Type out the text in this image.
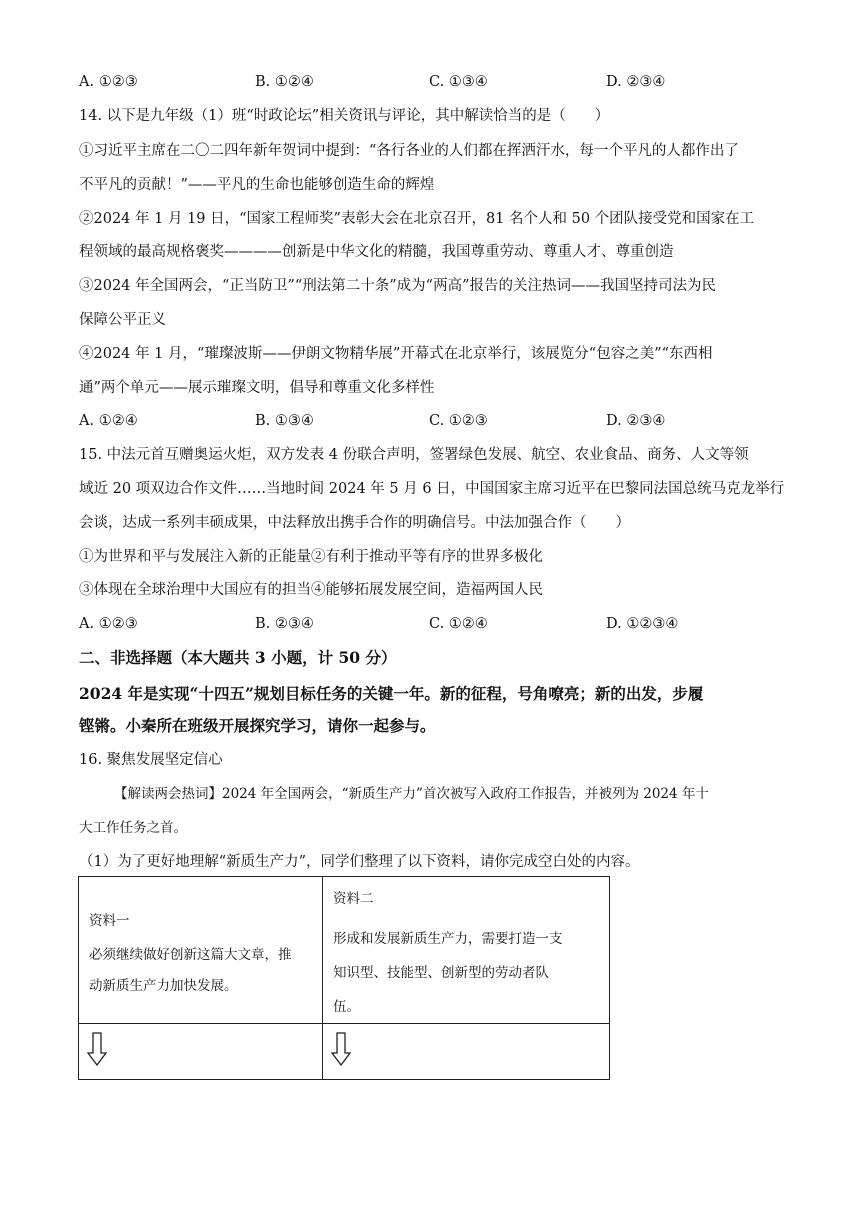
A. ①②③	B. ①②④	C. ①③④	D. ②③④
14. 以下是九年级（1）班“时政论坛”相关资讯与评论，其中解读恰当的是（　　）
①习近平主席在二〇二四年新年贺词中提到：“各行各业的人们都在挥洒汗水，每一个平凡的人都作出了
不平凡的贡献！”——平凡的生命也能够创造生命的辉煌
②2024 年 1 月 19 日，“国家工程师奖”表彰大会在北京召开，81 名个人和 50 个团队接受党和国家在工
程领域的最高规格褒奖————创新是中华文化的精髓，我国尊重劳动、尊重人才、尊重创造
③2024 年全国两会，“正当防卫”“刑法第二十条”成为“两高”报告的关注热词——我国坚持司法为民
保障公平正义
④2024 年 1 月，“璀璨波斯——伊朗文物精华展”开幕式在北京举行，该展览分“包容之美”“东西相
通”两个单元——展示璀璨文明，倡导和尊重文化多样性
A. ①②④	B. ①③④	C. ①②③	D. ②③④
15. 中法元首互赠奥运火炬，双方发表 4 份联合声明，签署绿色发展、航空、农业食品、商务、人文等领
域近 20 项双边合作文件……当地时间 2024 年 5 月 6 日，中国国家主席习近平在巴黎同法国总统马克龙举行
会谈，达成一系列丰硕成果，中法释放出携手合作的明确信号。中法加强合作（　　）
①为世界和平与发展注入新的正能量②有利于推动平等有序的世界多极化
③体现在全球治理中大国应有的担当④能够拓展发展空间，造福两国人民
A. ①②③	B. ②③④	C. ①②④	D. ①②③④
二、非选择题（本大题共 3 小题，计 50 分）
2024 年是实现“十四五”规划目标任务的关键一年。新的征程，号角嘹亮；新的出发，步履
铿锵。小秦所在班级开展探究学习，请你一起参与。
16. 聚焦发展坚定信心
【解读两会热词】2024 年全国两会，“新质生产力”首次被写入政府工作报告，并被列为 2024 年十
大工作任务之首。
（1）为了更好地理解“新质生产力”，同学们整理了以下资料，请你完成空白处的内容。
资料一
必须继续做好创新这篇大文章，推
动新质生产力加快发展。	资料二
形成和发展新质生产力，需要打造一支
知识型、技能型、创新型的劳动者队
伍。
